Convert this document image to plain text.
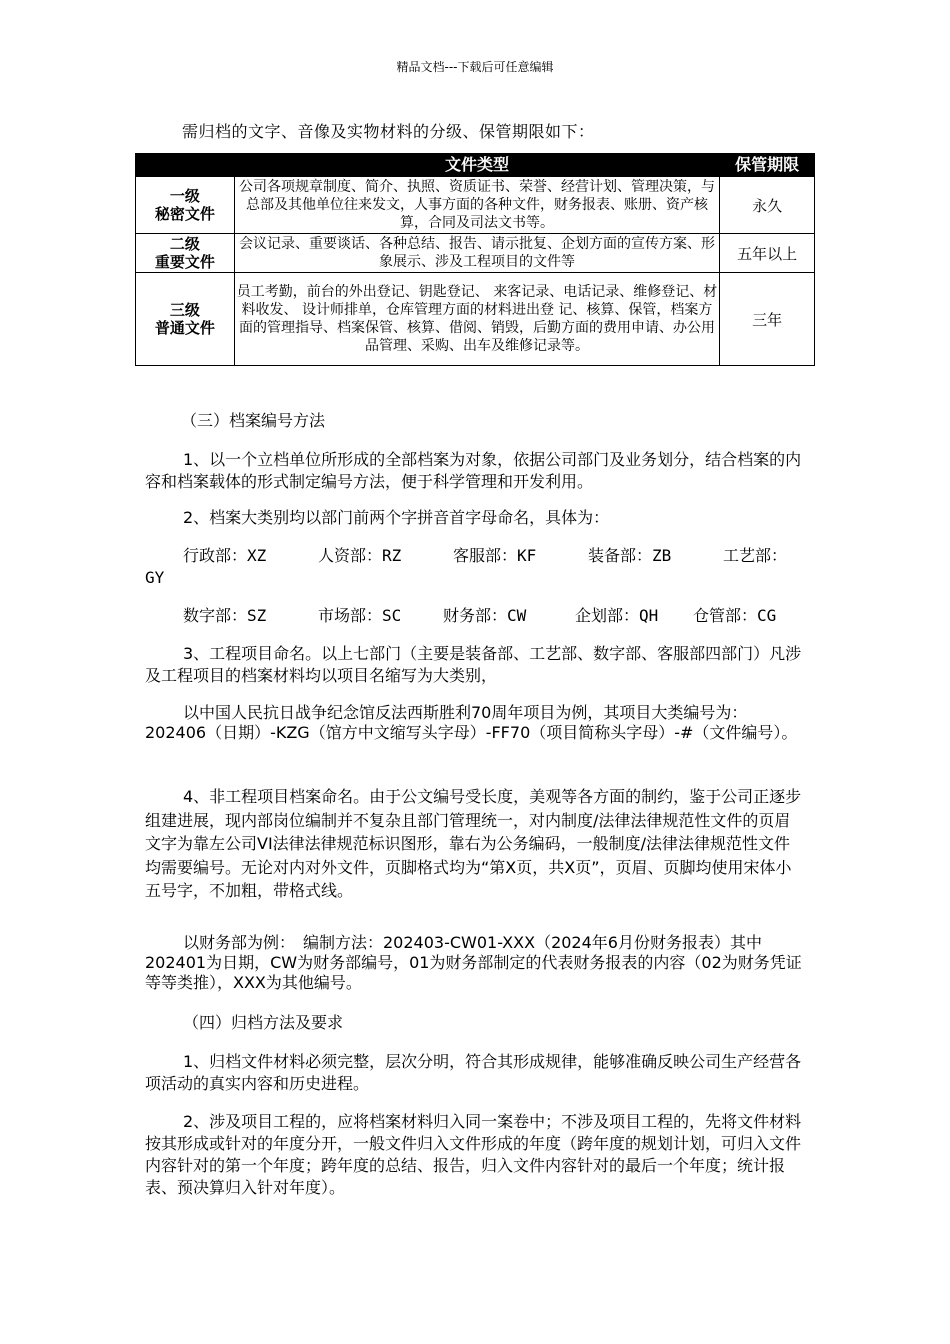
精品文档---下载后可任意编辑
需归档的文字、音像及实物材料的分级、保管期限如下：
	文件类型	保管期限

一级
秘密文件	公司各项规章制度、简介、执照、资质证书、荣誉、经营计划、管理决策，与总部及其他单位往来发文，人事方面的各种文件，财务报表、账册、资产核算，合同及司法文书等。	永久

二级
重要文件	会议记录、重要谈话、各种总结、报告、请示批复、企划方面的宣传方案、形象展示、涉及工程项目的文件等	五年以上

三级
普通文件	员工考勤，前台的外出登记、钥匙登记、 来客记录、电话记录、维修登记、材料收发、 设计师排单，仓库管理方面的材料进出登 记、核算、保管，档案方面的管理指导、档案保管、核算、借阅、销毁，后勤方面的费用申请、办公用品管理、采购、出车及维修记录等。	三年
（三）档案编号方法
1、以一个立档单位所形成的全部档案为对象，依据公司部门及业务划分，结合档案的内容和档案载体的形式制定编号方法，便于科学管理和开发利用。
2、档案大类别均以部门前两个字拼音首字母命名，具体为：
行政部：XZ	人资部：RZ	客服部：KF	装备部：ZB	工艺部：
GY
数字部：SZ	市场部：SC	财务部：CW	企划部：QH 仓管部：CG
3、工程项目命名。以上七部门（主要是装备部、工艺部、数字部、客服部四部门）凡涉及工程项目的档案材料均以项目名缩写为大类别，
以中国人民抗日战争纪念馆反法西斯胜利70周年项目为例，其项目大类编号为：202406（日期）-KZG（馆方中文缩写头字母）-FF70（项目简称头字母）-#（文件编号）。
4、非工程项目档案命名。由于公文编号受长度，美观等各方面的制约，鉴于公司正逐步组建进展，现内部岗位编制并不复杂且部门管理统一，对内制度/法律法律规范性文件的页眉文字为靠左公司VI法律法律规范标识图形，靠右为公务编码，一般制度/法律法律规范性文件均需要编号。无论对内对外文件，页脚格式均为“第X页，共X页”，页眉、页脚均使用宋体小五号字，不加粗，带格式线。
以财务部为例：　编制方法：202403-CW01-XXX（2024年6月份财务报表）其中202401为日期，CW为财务部编号，01为财务部制定的代表财务报表的内容（02为财务凭证等等类推），XXX为其他编号。
（四）归档方法及要求
1、归档文件材料必须完整，层次分明，符合其形成规律，能够准确反映公司生产经营各项活动的真实内容和历史进程。
2、涉及项目工程的，应将档案材料归入同一案卷中；不涉及项目工程的，先将文件材料按其形成或针对的年度分开，一般文件归入文件形成的年度（跨年度的规划计划，可归入文件内容针对的第一个年度；跨年度的总结、报告，归入文件内容针对的最后一个年度；统计报表、预决算归入针对年度）。
